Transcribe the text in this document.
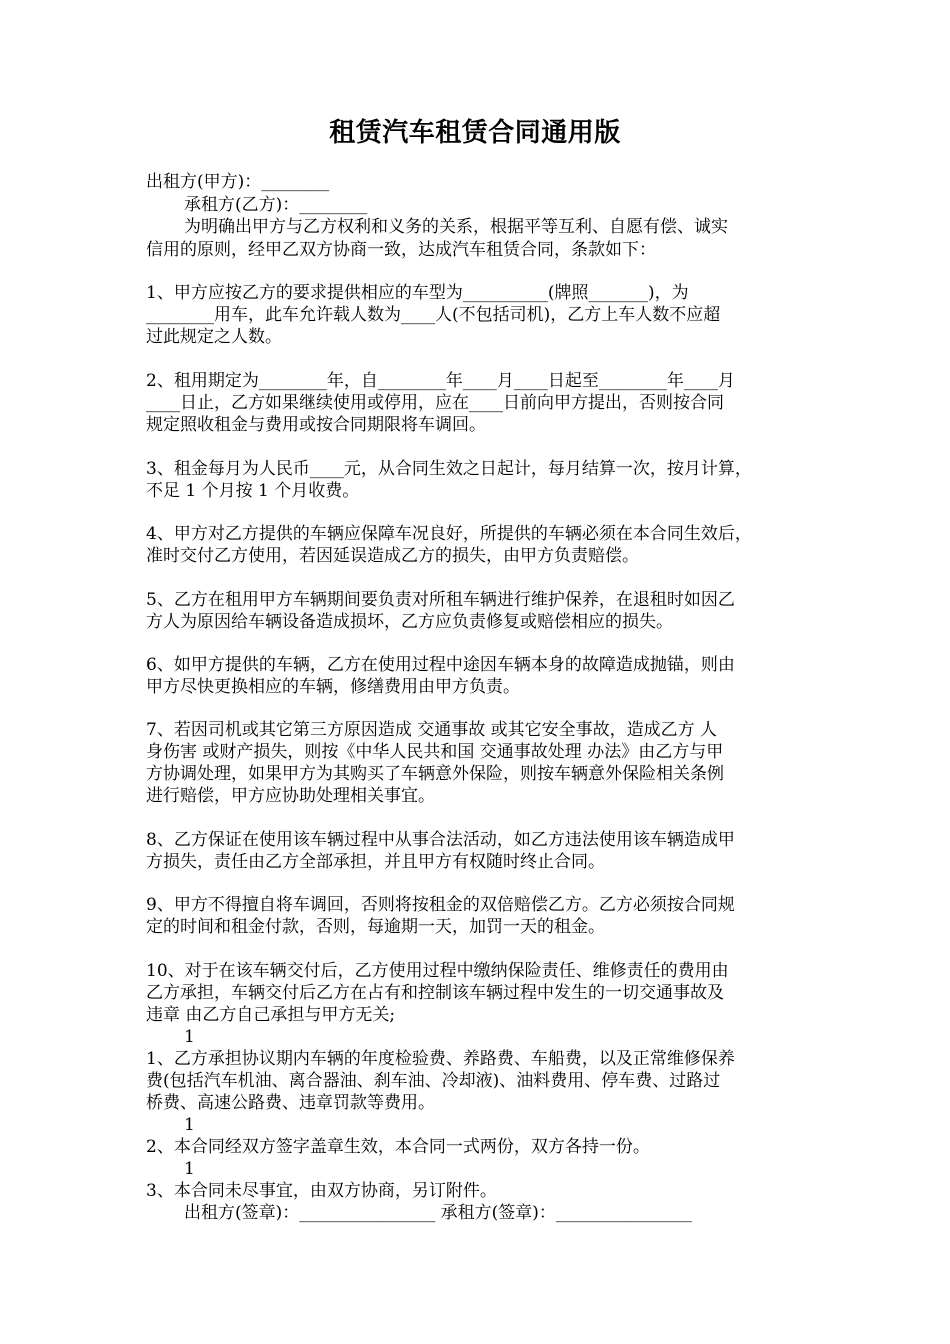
租赁汽车租赁合同通用版

出租方(甲方)：________

承租方(乙方)：________

为明确出甲方与乙方权利和义务的关系，根据平等互利、自愿有偿、诚实

信用的原则，经甲乙双方协商一致，达成汽车租赁合同，条款如下：

1、甲方应按乙方的要求提供相应的车型为__________(牌照_______)，为

________用车，此车允许载人数为____人(不包括司机)，乙方上车人数不应超

过此规定之人数。

2、租用期定为________年，自________年____月____日起至________年____月

____日止，乙方如果继续使用或停用，应在____日前向甲方提出，否则按合同

规定照收租金与费用或按合同期限将车调回。

3、租金每月为人民币____元，从合同生效之日起计，每月结算一次，按月计算，

不足 1 个月按 1 个月收费。

4、甲方对乙方提供的车辆应保障车况良好，所提供的车辆必须在本合同生效后，

准时交付乙方使用，若因延误造成乙方的损失，由甲方负责赔偿。

5、乙方在租用甲方车辆期间要负责对所租车辆进行维护保养，在退租时如因乙

方人为原因给车辆设备造成损坏，乙方应负责修复或赔偿相应的损失。

6、如甲方提供的车辆，乙方在使用过程中途因车辆本身的故障造成抛锚，则由

甲方尽快更换相应的车辆，修缮费用由甲方负责。

7、若因司机或其它第三方原因造成 交通事故 或其它安全事故，造成乙方 人

身伤害 或财产损失，则按《中华人民共和国 交通事故处理 办法》由乙方与甲

方协调处理，如果甲方为其购买了车辆意外保险，则按车辆意外保险相关条例

进行赔偿，甲方应协助处理相关事宜。

8、乙方保证在使用该车辆过程中从事合法活动，如乙方违法使用该车辆造成甲

方损失，责任由乙方全部承担，并且甲方有权随时终止合同。

9、甲方不得擅自将车调回，否则将按租金的双倍赔偿乙方。乙方必须按合同规

定的时间和租金付款，否则，每逾期一天，加罚一天的租金。

10、对于在该车辆交付后，乙方使用过程中缴纳保险责任、维修责任的费用由

乙方承担，车辆交付后乙方在占有和控制该车辆过程中发生的一切交通事故及

违章 由乙方自己承担与甲方无关;

1

1、乙方承担协议期内车辆的年度检验费、养路费、车船费，以及正常维修保养

费(包括汽车机油、离合器油、刹车油、冷却液)、油料费用、停车费、过路过

桥费、高速公路费、违章罚款等费用。

1

2、本合同经双方签字盖章生效，本合同一式两份，双方各持一份。

1

3、本合同未尽事宜，由双方协商，另订附件。

出租方(签章)：________________ 承租方(签章)：________________
